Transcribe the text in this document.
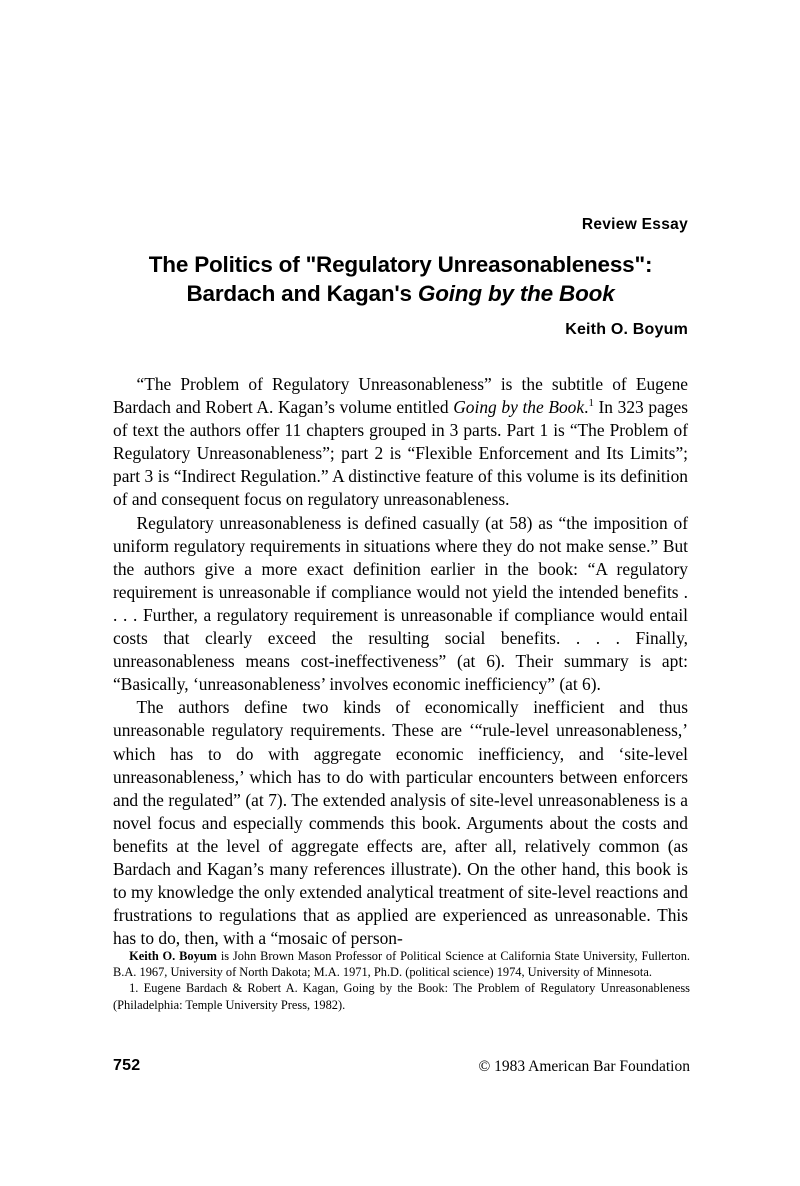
Review Essay
The Politics of "Regulatory Unreasonableness":
Bardach and Kagan's Going by the Book
Keith O. Boyum

“The Problem of Regulatory Unreasonableness” is the subtitle of Eugene Bardach and Robert A. Kagan’s volume entitled Going by the Book.$^1$ In 323 pages of text the authors offer 11 chapters grouped in 3 parts. Part 1 is “The Problem of Regulatory Unreasonableness”; part 2 is “Flexible Enforcement and Its Limits”; part 3 is “Indirect Regulation.” A distinctive feature of this volume is its definition of and consequent focus on regulatory unreasonableness.

Regulatory unreasonableness is defined casually (at 58) as “the imposition of uniform regulatory requirements in situations where they do not make sense.” But the authors give a more exact definition earlier in the book: “A regulatory requirement is unreasonable if compliance would not yield the intended benefits . . . . Further, a regulatory requirement is unreasonable if compliance would entail costs that clearly exceed the resulting social benefits. . . . Finally, unreasonableness means cost-ineffectiveness” (at 6). Their summary is apt: “Basically, ‘unreasonableness’ involves economic inefficiency” (at 6).

The authors define two kinds of economically inefficient and thus unreasonable regulatory requirements. These are ‘“rule-level unreasonableness,’ which has to do with aggregate economic inefficiency, and ‘site-level unreasonableness,’ which has to do with particular encounters between enforcers and the regulated” (at 7). The extended analysis of site-level unreasonableness is a novel focus and especially commends this book. Arguments about the costs and benefits at the level of aggregate effects are, after all, relatively common (as Bardach and Kagan’s many references illustrate). On the other hand, this book is to my knowledge the only extended analytical treatment of site-level reactions and frustrations to regulations that as applied are experienced as unreasonable. This has to do, then, with a “mosaic of person-

Keith O. Boyum is John Brown Mason Professor of Political Science at California State University, Fullerton. B.A. 1967, University of North Dakota; M.A. 1971, Ph.D. (political science) 1974, University of Minnesota.

1. Eugene Bardach & Robert A. Kagan, Going by the Book: The Problem of Regulatory Unreasonableness (Philadelphia: Temple University Press, 1982).

752	© 1983 American Bar Foundation
